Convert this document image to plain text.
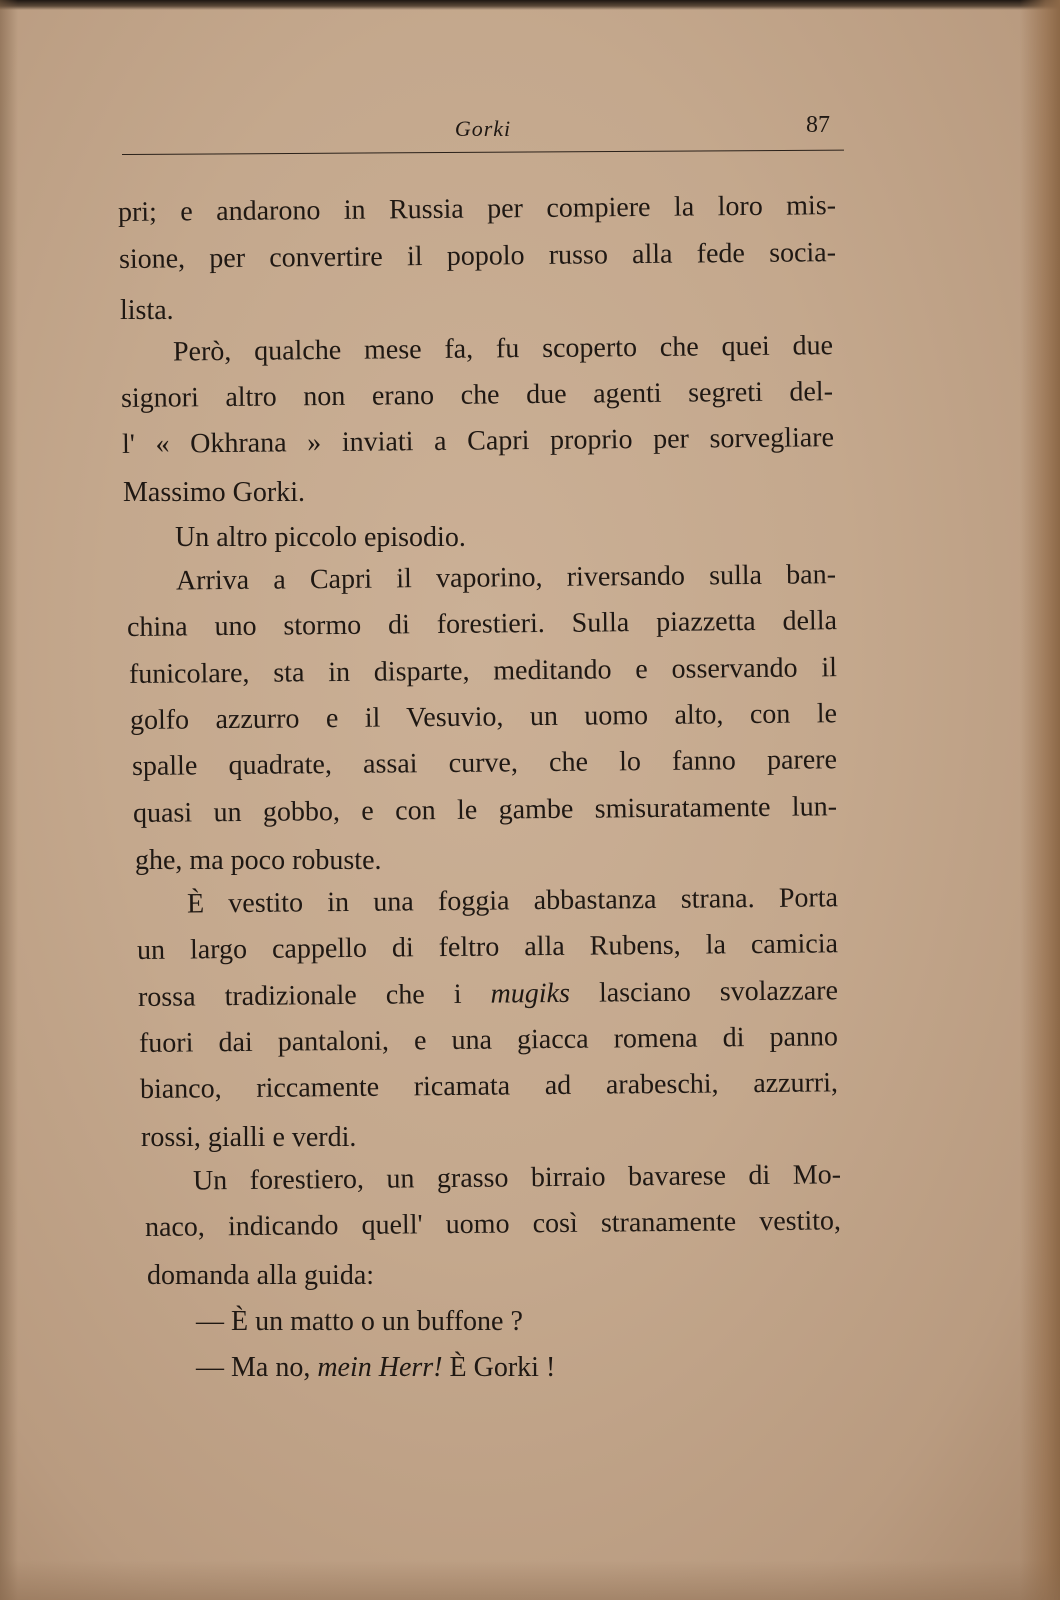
Gorki	87
pri; e andarono in Russia per compiere la loro mis-
sione, per convertire il popolo russo alla fede socia-
lista.
Però, qualche mese fa, fu scoperto che quei due
signori altro non erano che due agenti segreti del-
l' « Okhrana » inviati a Capri proprio per sorvegliare
Massimo Gorki.
Un altro piccolo episodio.
Arriva a Capri il vaporino, riversando sulla ban-
china uno stormo di forestieri. Sulla piazzetta della
funicolare, sta in disparte, meditando e osservando il
golfo azzurro e il Vesuvio, un uomo alto, con le
spalle quadrate, assai curve, che lo fanno parere
quasi un gobbo, e con le gambe smisuratamente lun-
ghe, ma poco robuste.
È vestito in una foggia abbastanza strana. Porta
un largo cappello di feltro alla Rubens, la camicia
rossa tradizionale che i mugiks lasciano svolazzare
fuori dai pantaloni, e una giacca romena di panno
bianco, riccamente ricamata ad arabeschi, azzurri,
rossi, gialli e verdi.
Un forestiero, un grasso birraio bavarese di Mo-
naco, indicando quell' uomo così stranamente vestito,
domanda alla guida:
— È un matto o un buffone ?
— Ma no, mein Herr! È Gorki !
